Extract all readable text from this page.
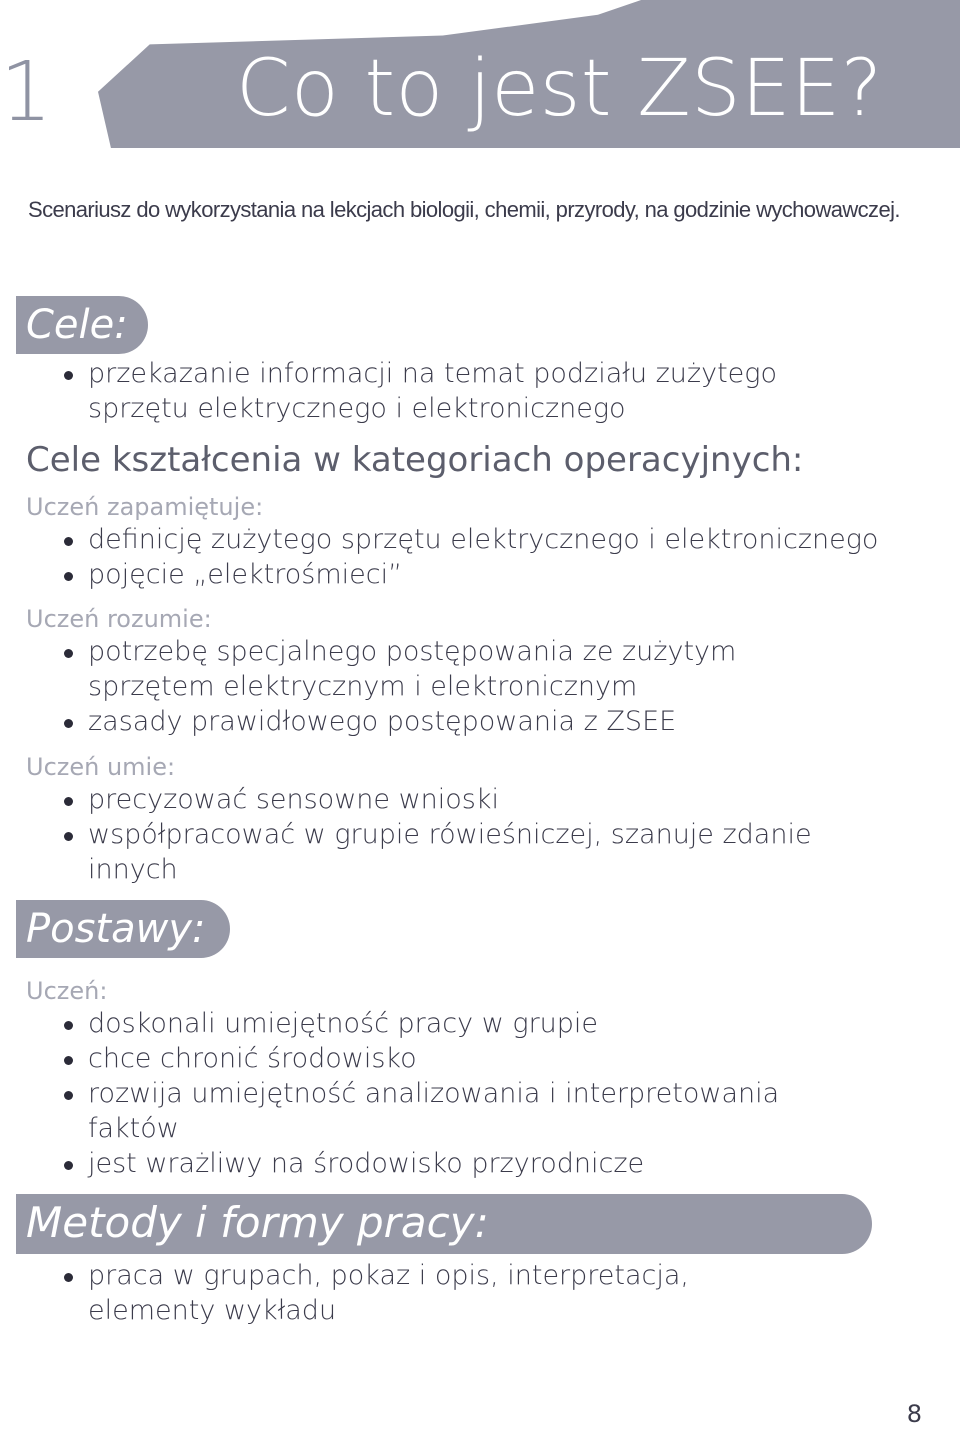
1 Co to jest ZSEE?
Scenariusz do wykorzystania na lekcjach biologii, chemii, przyrody, na godzinie wychowawczej.
Cele:
przekazanie informacji na temat podziału zużytego sprzętu elektrycznego i elektronicznego
Cele kształcenia w kategoriach operacyjnych:
Uczeń zapamiętuje:
definicję zużytego sprzętu elektrycznego i elektronicznego
pojęcie „elektrośmieci”
Uczeń rozumie:
potrzebę specjalnego postępowania ze zużytym sprzętem elektrycznym i elektronicznym
zasady prawidłowego postępowania z ZSEE
Uczeń umie:
precyzować sensowne wnioski
współpracować w grupie rówieśniczej, szanuje zdanie innych
Postawy:
Uczeń:
doskonali umiejętność pracy w grupie
chce chronić środowisko
rozwija umiejętność analizowania i interpretowania faktów
jest wrażliwy na środowisko przyrodnicze
Metody i formy pracy:
praca w grupach, pokaz i opis, interpretacja, elementy wykładu
8
